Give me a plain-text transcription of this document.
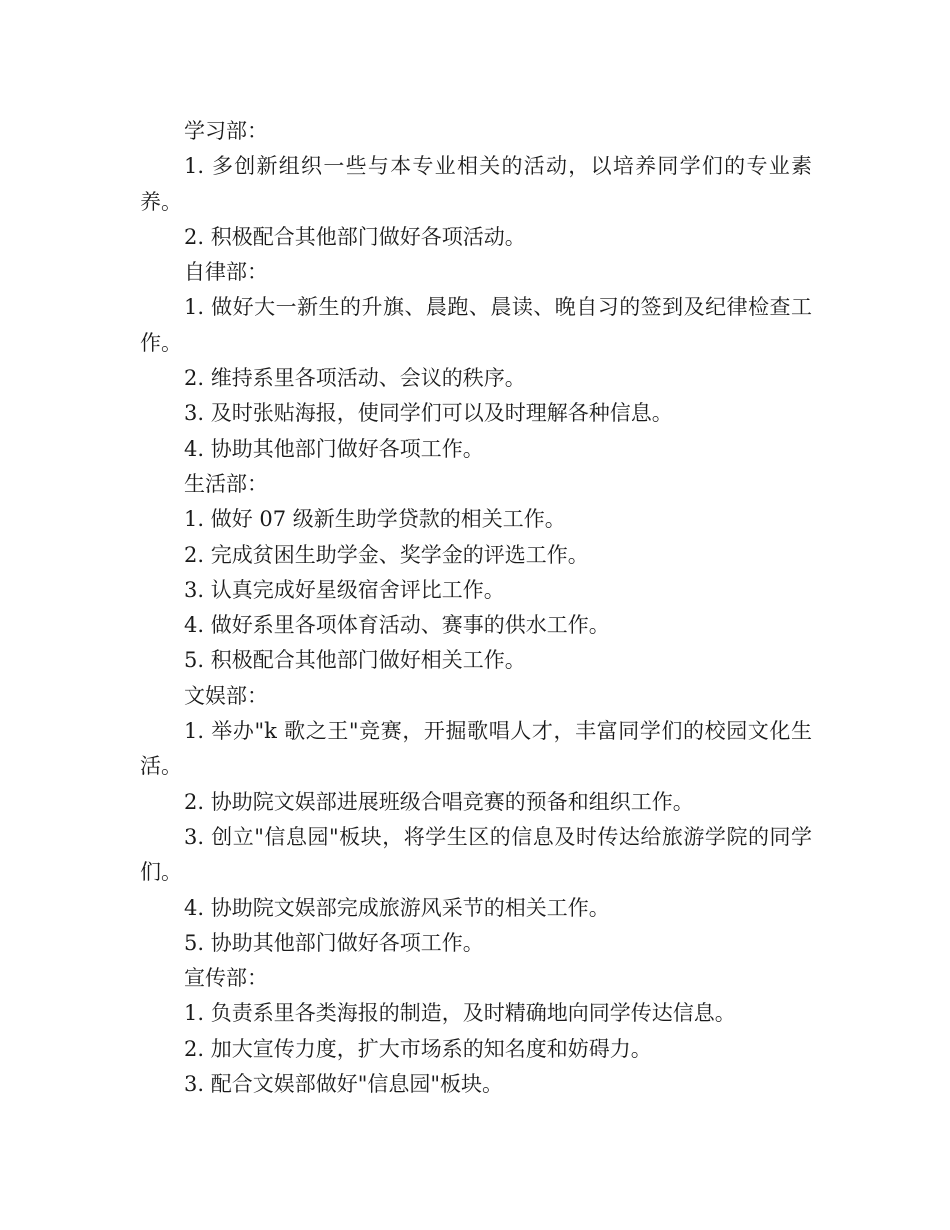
学习部：

1. 多创新组织一些与本专业相关的活动，以培养同学们的专业素养。

2. 积极配合其他部门做好各项活动。

自律部：

1. 做好大一新生的升旗、晨跑、晨读、晚自习的签到及纪律检查工作。

2. 维持系里各项活动、会议的秩序。

3. 及时张贴海报，使同学们可以及时理解各种信息。

4. 协助其他部门做好各项工作。

生活部：

1. 做好 07 级新生助学贷款的相关工作。

2. 完成贫困生助学金、奖学金的评选工作。

3. 认真完成好星级宿舍评比工作。

4. 做好系里各项体育活动、赛事的供水工作。

5. 积极配合其他部门做好相关工作。

文娱部：

1. 举办"k 歌之王"竞赛，开掘歌唱人才，丰富同学们的校园文化生活。

2. 协助院文娱部进展班级合唱竞赛的预备和组织工作。

3. 创立"信息园"板块，将学生区的信息及时传达给旅游学院的同学们。

4. 协助院文娱部完成旅游风采节的相关工作。

5. 协助其他部门做好各项工作。

宣传部：

1. 负责系里各类海报的制造，及时精确地向同学传达信息。

2. 加大宣传力度，扩大市场系的知名度和妨碍力。

3. 配合文娱部做好"信息园"板块。
